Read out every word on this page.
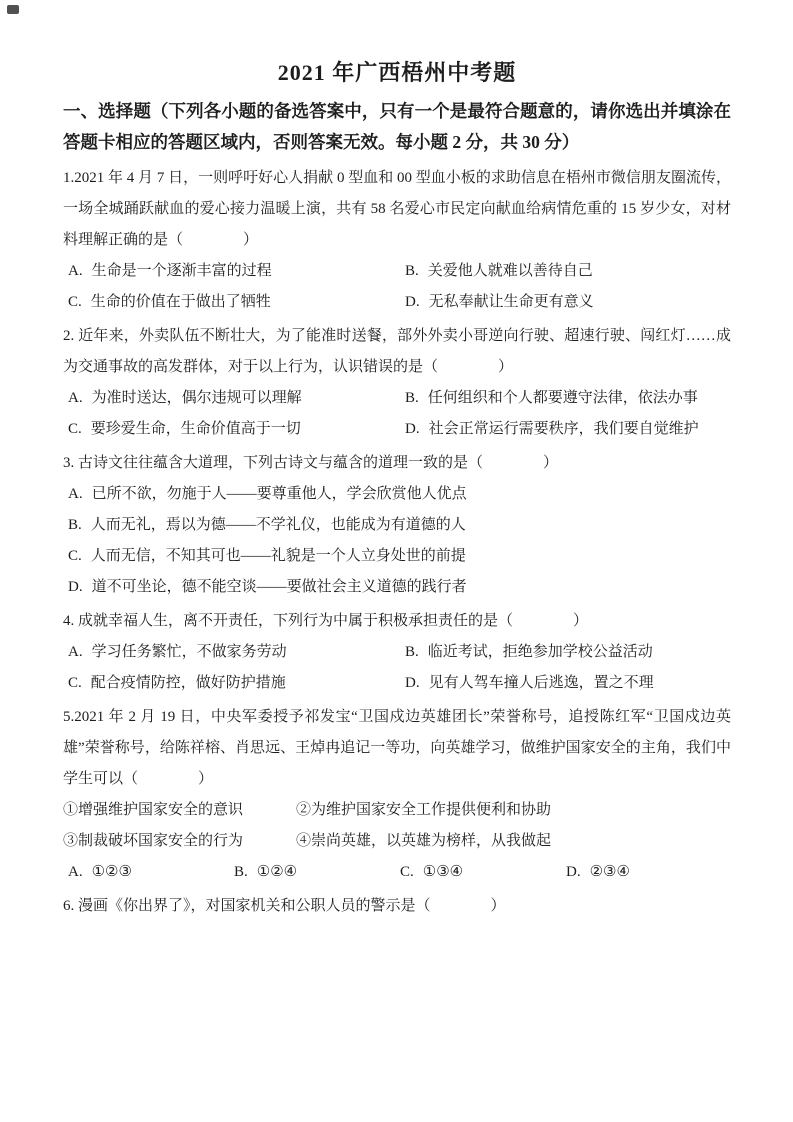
2021 年广西梧州中考题

一、选择题（下列各小题的备选答案中，只有一个是最符合题意的，请你选出并填涂在答题卡相应的答题区域内，否则答案无效。每小题 2 分，共 30 分）

1.2021 年 4 月 7 日，一则呼吁好心人捐献 0 型血和 00 型血小板的求助信息在梧州市微信朋友圈流传，一场全城踊跃献血的爱心接力温暖上演，共有 58 名爱心市民定向献血给病情危重的 15 岁少女，对材料理解正确的是（　　　　）

A. 生命是一个逐渐丰富的过程	B. 关爱他人就难以善待自己
C. 生命的价值在于做出了牺牲	D. 无私奉献让生命更有意义

2. 近年来，外卖队伍不断壮大，为了能准时送餐，部外外卖小哥逆向行驶、超速行驶、闯红灯……成为交通事故的高发群体，对于以上行为，认识错误的是（　　　　）

A. 为准时送达，偶尔违规可以理解	B. 任何组织和个人都要遵守法律，依法办事
C. 要珍爱生命，生命价值高于一切	D. 社会正常运行需要秩序，我们要自觉维护

3. 古诗文往往蕴含大道理，下列古诗文与蕴含的道理一致的是（　　　　）

A. 已所不欲，勿施于人——要尊重他人，学会欣赏他人优点
B. 人而无礼，焉以为德——不学礼仪，也能成为有道德的人
C. 人而无信，不知其可也——礼貌是一个人立身处世的前提
D. 道不可坐论，德不能空谈——要做社会主义道德的践行者

4. 成就幸福人生，离不开责任，下列行为中属于积极承担责任的是（　　　　）

A. 学习任务繁忙，不做家务劳动	B. 临近考试，拒绝参加学校公益活动
C. 配合疫情防控，做好防护措施	D. 见有人驾车撞人后逃逸，置之不理

5.2021 年 2 月 19 日，中央军委授予祁发宝“卫国戍边英雄团长”荣誉称号，追授陈红军“卫国戍边英雄”荣誉称号，给陈祥榕、肖思远、王焯冉追记一等功，向英雄学习，做维护国家安全的主角，我们中学生可以（　　　　）

①增强维护国家安全的意识	②为维护国家安全工作提供便利和协助
③制裁破坏国家安全的行为	④崇尚英雄，以英雄为榜样，从我做起
A. ①②③	B. ①②④	C. ①③④	D. ②③④

6. 漫画《你出界了》，对国家机关和公职人员的警示是（　　　　）
